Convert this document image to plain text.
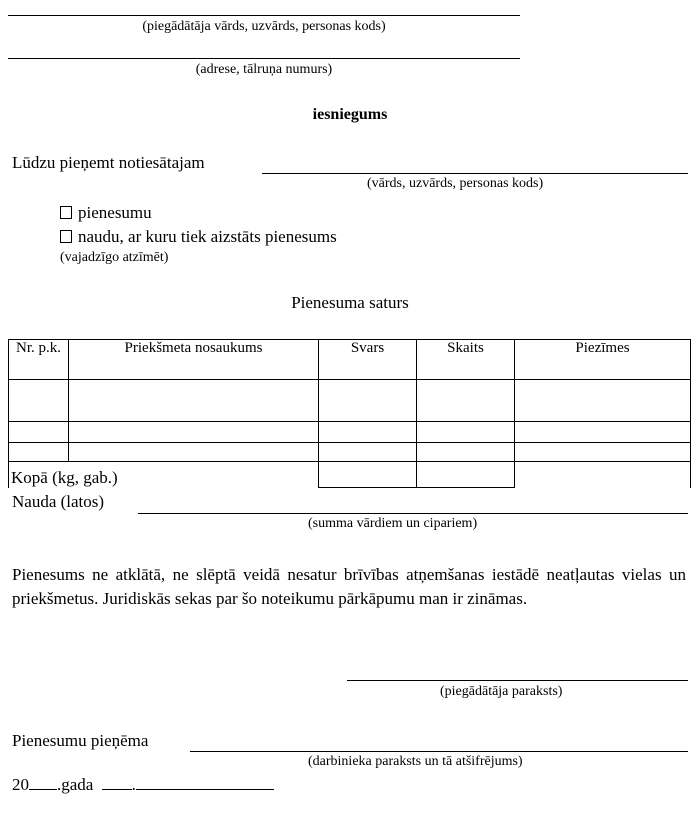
(piegādātāja vārds, uzvārds, personas kods)
(adrese, tālruņa numurs)
iesniegums
Lūdzu pieņemt notiesātajam
(vārds, uzvārds, personas kods)
pienesumu
naudu, ar kuru tiek aizstāts pienesums
(vajadzīgo atzīmēt)
Pienesuma saturs
Nr. p.k.	Priekšmeta nosaukums	Svars	Skaits	Piezīmes

Kopā (kg, gab.)				
Nauda (latos)
(summa vārdiem un cipariem)
Pienesums ne atklātā, ne slēptā veidā nesatur brīvības atņemšanas iestādē neatļautas vielas un priekšmetus. Juridiskās sekas par šo noteikumu pārkāpumu man ir zināmas.
(piegādātāja paraksts)
Pienesumu pieņēma
(darbinieka paraksts un tā atšifrējums)
20 .gada .
